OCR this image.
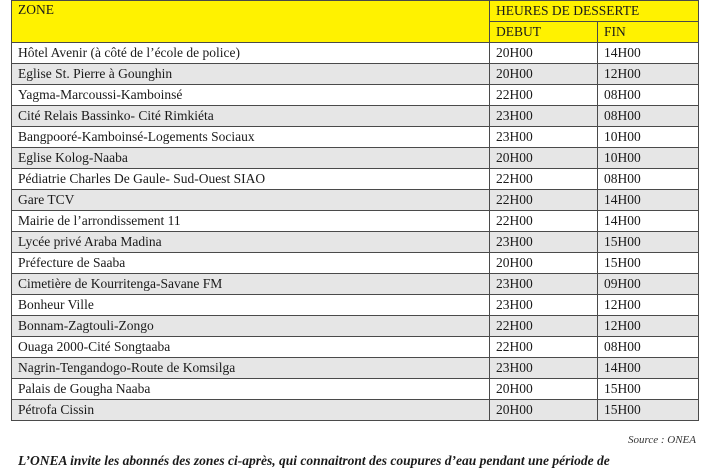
ZONE	HEURES DE DESSERTE	
	DEBUT	FIN
Hôtel Avenir (à côté de l’école de police)	20H00	14H00
Eglise St. Pierre à Gounghin	20H00	12H00
Yagma-Marcoussi-Kamboinsé	22H00	08H00
Cité Relais Bassinko- Cité Rimkiéta	23H00	08H00
Bangpooré-Kamboinsé-Logements Sociaux	23H00	10H00
Eglise Kolog-Naaba	20H00	10H00
Pédiatrie Charles De Gaule- Sud-Ouest SIAO	22H00	08H00
Gare TCV	22H00	14H00
Mairie de l’arrondissement 11	22H00	14H00
Lycée privé Araba Madina	23H00	15H00
Préfecture de Saaba	20H00	15H00
Cimetière de Kourritenga-Savane FM	23H00	09H00
Bonheur Ville	23H00	12H00
Bonnam-Zagtouli-Zongo	22H00	12H00
Ouaga 2000-Cité Songtaaba	22H00	08H00
Nagrin-Tengandogo-Route de Komsilga	23H00	14H00
Palais de Gougha Naaba	20H00	15H00
Pétrofa Cissin	20H00	15H00
Source : ONEA
L’ONEA invite les abonnés des zones ci-après, qui connaitront des coupures d’eau pendant une période de
